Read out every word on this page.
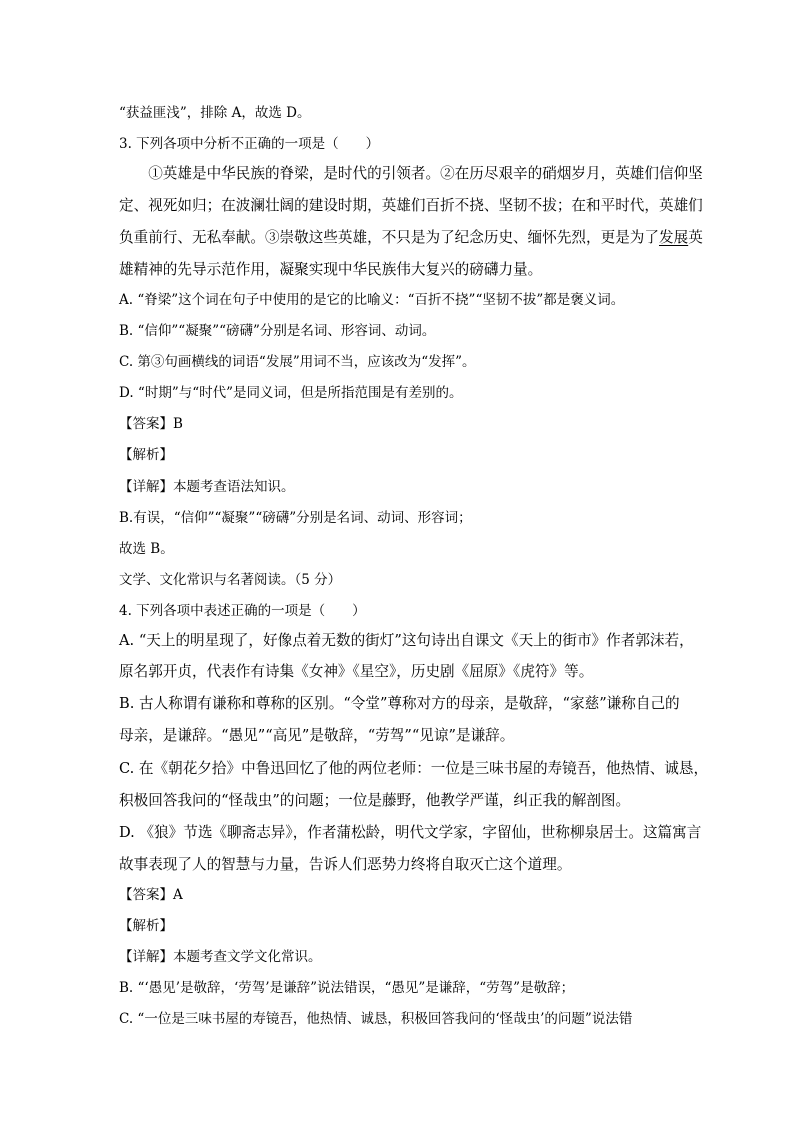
“获益匪浅”，排除 A，故选 D。
3. 下列各项中分析不正确的一项是（　　）
　　①英雄是中华民族的脊梁，是时代的引领者。②在历尽艰辛的硝烟岁月，英雄们信仰坚
定、视死如归；在波澜壮阔的建设时期，英雄们百折不挠、坚韧不拔；在和平时代，英雄们
负重前行、无私奉献。③崇敬这些英雄，不只是为了纪念历史、缅怀先烈，更是为了发展英
雄精神的先导示范作用，凝聚实现中华民族伟大复兴的磅礴力量。
A. “脊梁”这个词在句子中使用的是它的比喻义：“百折不挠”“坚韧不拔”都是褒义词。
B. “信仰”“凝聚”“磅礴”分别是名词、形容词、动词。
C. 第③句画横线的词语“发展”用词不当，应该改为“发挥”。
D. “时期”与“时代”是同义词，但是所指范围是有差别的。
【答案】B
【解析】
【详解】本题考查语法知识。
B.有误，“信仰”“凝聚”“磅礴”分别是名词、动词、形容词；
故选 B。
文学、文化常识与名著阅读。（5 分）
4. 下列各项中表述正确的一项是（　　）
A. “天上的明星现了，好像点着无数的街灯”这句诗出自课文《天上的街市》作者郭沫若，
原名郭开贞，代表作有诗集《女神》《星空》，历史剧《屈原》《虎符》等。
B. 古人称谓有谦称和尊称的区别。“令堂”尊称对方的母亲，是敬辞，“家慈”谦称自己的
母亲，是谦辞。“愚见”“高见”是敬辞，“劳驾”“见谅”是谦辞。
C. 在《朝花夕拾》中鲁迅回忆了他的两位老师：一位是三味书屋的寿镜吾，他热情、诚恳，
积极回答我问的“怪哉虫”的问题；一位是藤野，他教学严谨，纠正我的解剖图。
D. 《狼》节选《聊斋志异》，作者蒲松龄，明代文学家，字留仙，世称柳泉居士。这篇寓言
故事表现了人的智慧与力量，告诉人们恶势力终将自取灭亡这个道理。
【答案】A
【解析】
【详解】本题考查文学文化常识。
B. “‘愚见’是敬辞，‘劳驾’是谦辞”说法错误，“愚见”是谦辞，“劳驾”是敬辞；
C. “一位是三味书屋的寿镜吾，他热情、诚恳，积极回答我问的‘怪哉虫’的问题”说法错
